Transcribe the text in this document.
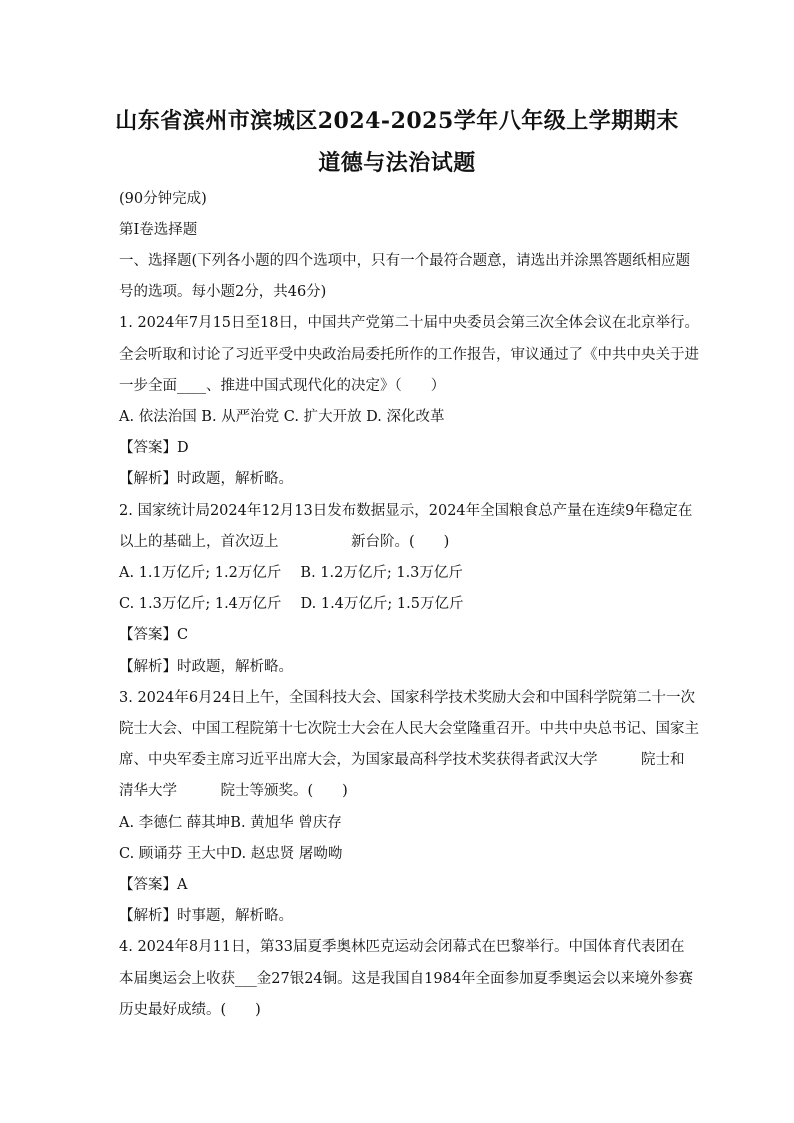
山东省滨州市滨城区2024-2025学年八年级上学期期末
道德与法治试题
(90分钟完成)
第Ⅰ卷选择题
一、选择题(下列各小题的四个选项中，只有一个最符合题意，请选出并涂黑答题纸相应题
号的选项。每小题2分，共46分)
1. 2024年7月15日至18日，中国共产党第二十届中央委员会第三次全体会议在北京举行。
全会听取和讨论了习近平受中央政治局委托所作的工作报告，审议通过了《中共中央关于进
一步全面____、推进中国式现代化的决定》（　　）
A. 依法治国 B. 从严治党 C. 扩大开放 D. 深化改革
【答案】D
【解析】时政题，解析略。
2. 国家统计局2024年12月13日发布数据显示，2024年全国粮食总产量在连续9年稳定在
以上的基础上，首次迈上　　　　　新台阶。(　　)
A. 1.1万亿斤; 1.2万亿斤　 B. 1.2万亿斤; 1.3万亿斤
C. 1.3万亿斤; 1.4万亿斤　 D. 1.4万亿斤; 1.5万亿斤
【答案】C
【解析】时政题，解析略。
3. 2024年6月24日上午，全国科技大会、国家科学技术奖励大会和中国科学院第二十一次
院士大会、中国工程院第十七次院士大会在人民大会堂隆重召开。中共中央总书记、国家主
席、中央军委主席习近平出席大会，为国家最高科学技术奖获得者武汉大学　　　院士和
清华大学　　　院士等颁奖。(　　)
A. 李德仁 薛其坤B. 黄旭华 曾庆存
C. 顾诵芬 王大中D. 赵忠贤 屠呦呦
【答案】A
【解析】时事题，解析略。
4. 2024年8月11日，第33届夏季奥林匹克运动会闭幕式在巴黎举行。中国体育代表团在
本届奥运会上收获___金27银24铜。这是我国自1984年全面参加夏季奥运会以来境外参赛
历史最好成绩。(　　)
